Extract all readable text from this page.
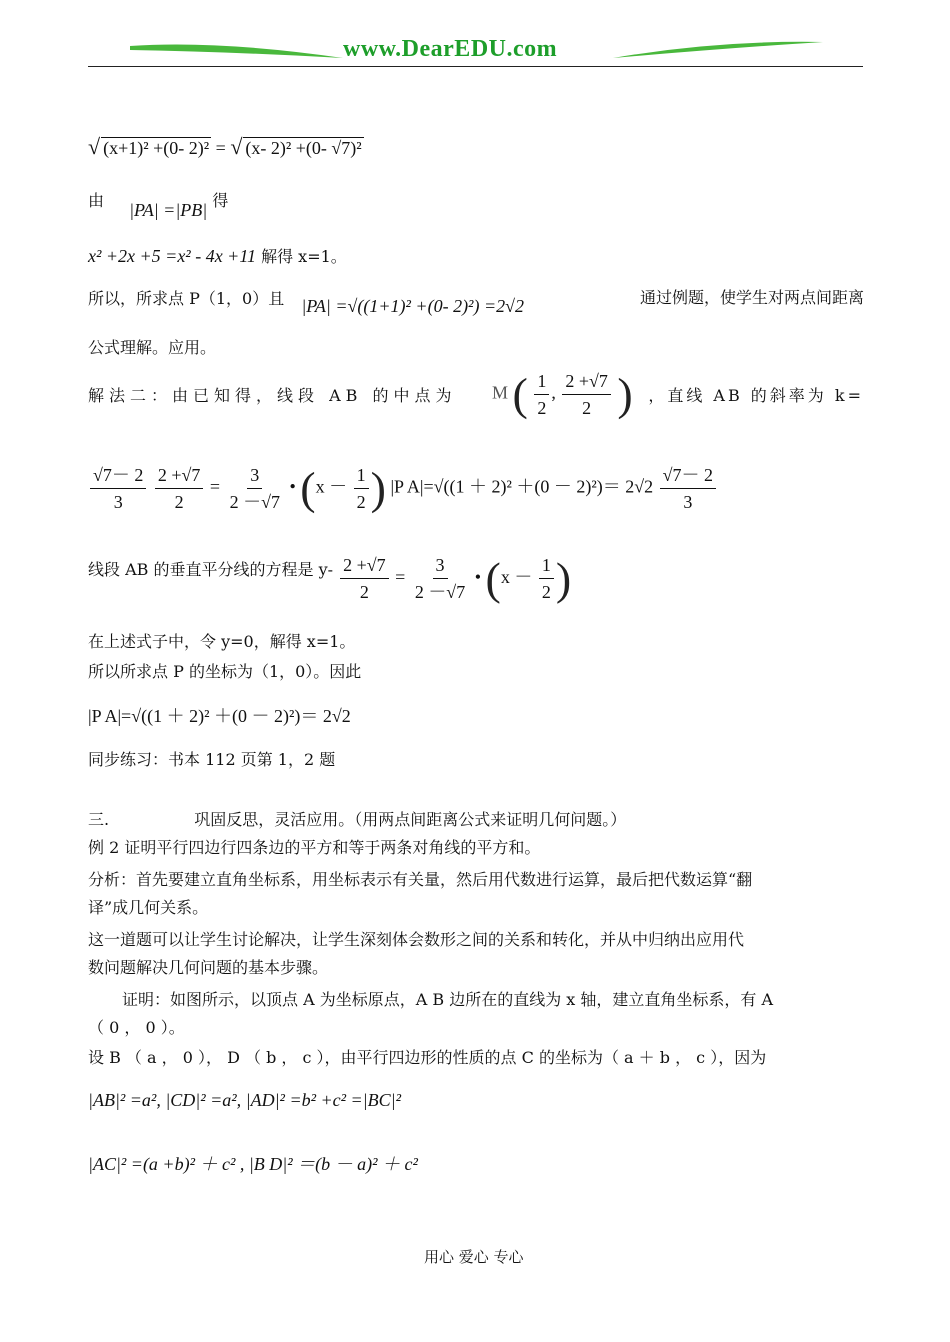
www.DearEDU.com
√ (x+1)² +(0- 2)² = √ (x- 2)² +(0- √7)²
由 |PA| =|PB| 得
x² +2x +5 =x² - 4x +11 解得 x=1。
所以，所求点 P（1，0）且 |PA| =√((1+1)² +(0- 2)²) =2√2	通过例题，使学生对两点间距离
公式理解。应用。
解法二：由已知得，线段 AB 的中点为 M ( $\frac{1}{2}$ , $\frac{2 +√7}{2}$ ) ，直线 AB 的斜率为 k=
$\frac{√7- 2}{3}$
$\frac{2 +√7}{2} = \frac{3}{2 -√7}$ • ($x - \frac{1}{2}$ ) |P $A|=√((1 + 2)^2 +(0 - 2)^2)= 2√2 \frac{√7- 2}{3}$
线段 AB 的垂直平分线的方程是 $y- \frac{2 +√7}{2} = \frac{3}{2 -√7}$ • ($x - \frac{1}{2}$ )
在上述式子中，令 y=0，解得 x=1。
所以所求点 P 的坐标为（1，0）。因此
|P A|=√((1 ＋ 2)² ＋(0 － 2)²)＝ 2√2
同步练习：书本 112 页第 1，2 题
三.	巩固反思，灵活应用。（用两点间距离公式来证明几何问题。）
例 2 证明平行四边行四条边的平方和等于两条对角线的平方和。
分析：首先要建立直角坐标系，用坐标表示有关量，然后用代数进行运算，最后把代数运算“翻
译”成几何关系。
这一道题可以让学生讨论解决，让学生深刻体会数形之间的关系和转化，并从中归纳出应用代
数问题解决几何问题的基本步骤。
证明：如图所示，以顶点 A 为坐标原点，A B 边所在的直线为 x 轴，建立直角坐标系，有 A
（ 0 ， 0 ）。
设 B （ a ， 0 ）， D （ b ， c ），由平行四边形的性质的点 C 的坐标为（ a ＋ b ， c ），因为
|AB|² =a², |CD|² =a², |AD|² =b² +c² =|BC|²
|AC|² =(a +b)² ＋ c² , |B D|² ＝(b － a)² ＋ c²
用心 爱心 专心
